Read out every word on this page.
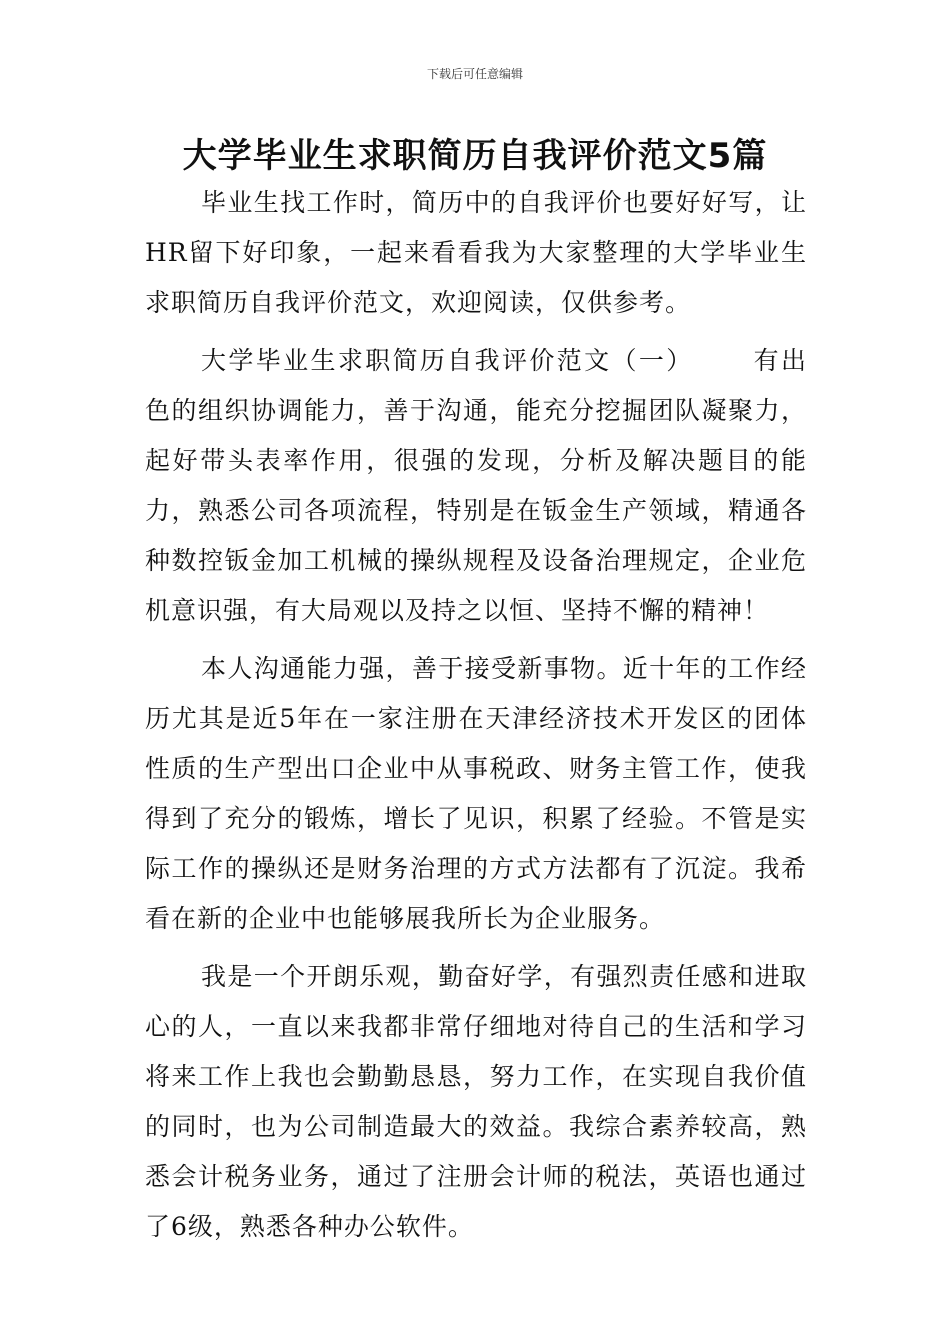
下载后可任意编辑
大学毕业生求职简历自我评价范文5篇

毕业生找工作时，简历中的自我评价也要好好写，让HR留下好印象，一起来看看我为大家整理的大学毕业生求职简历自我评价范文，欢迎阅读，仅供参考。

大学毕业生求职简历自我评价范文（一） 有出色的组织协调能力，善于沟通，能充分挖掘团队凝聚力，起好带头表率作用，很强的发现，分析及解决题目的能力，熟悉公司各项流程，特别是在钣金生产领域，精通各种数控钣金加工机械的操纵规程及设备治理规定，企业危机意识强，有大局观以及持之以恒、坚持不懈的精神！

本人沟通能力强，善于接受新事物。近十年的工作经历尤其是近5年在一家注册在天津经济技术开发区的团体性质的生产型出口企业中从事税政、财务主管工作，使我得到了充分的锻炼，增长了见识，积累了经验。不管是实际工作的操纵还是财务治理的方式方法都有了沉淀。我希看在新的企业中也能够展我所长为企业服务。

我是一个开朗乐观，勤奋好学，有强烈责任感和进取心的人，一直以来我都非常仔细地对待自己的生活和学习将来工作上我也会勤勤恳恳，努力工作，在实现自我价值的同时，也为公司制造最大的效益。我综合素养较高，熟悉会计税务业务，通过了注册会计师的税法，英语也通过了6级，熟悉各种办公软件。
